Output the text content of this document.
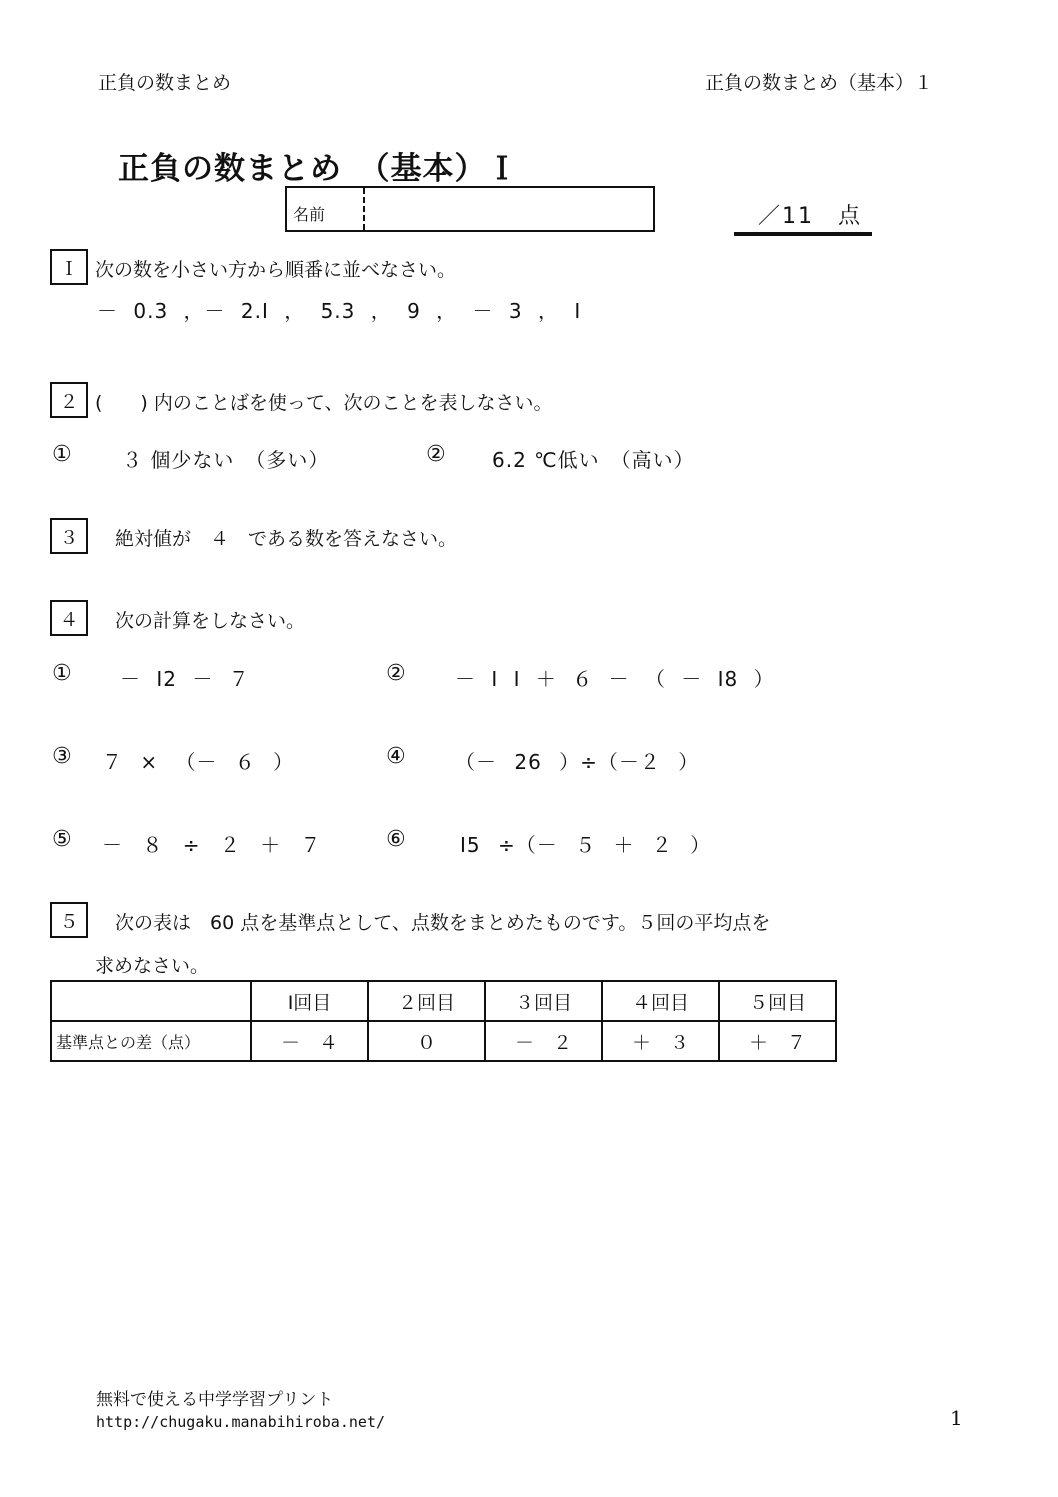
正負の数まとめ	正負の数まとめ（基本）１
正負の数まとめ　（基本）Ｉ
名前	／11　点
Ｉ 次の数を小さい方から順番に並べなさい。
－ 0.3 ，－ 2.I ， 5.3 ， 9 ， － 3 ， I
２ (　　) 内のことばを使って、次のことを表しなさい。
①	３ 個少ない　（多い）	② 6.2 ℃低い　（高い）
３	絶対値が　４　である数を答えなさい。
４	次の計算をしなさい。
① － I2 － ７	② － I I ＋ ６ － （ － I8 ）
③ ７ × （－ ６ ）	④ （－ 26 ）÷（－２ ）
⑤ － ８ ÷ ２ ＋ ７	⑥	I5 ÷（－ ５ ＋ ２ ）
５	次の表は　60 点を基準点として、点数をまとめたものです。５回の平均点を
求めなさい。
	I回目	２回目	３回目	４回目	５回目
基準点との差（点）	－　４	０	－　２	＋　３	＋　７
無料で使える中学学習プリント
http://chugaku.manabihiroba.net/	1
